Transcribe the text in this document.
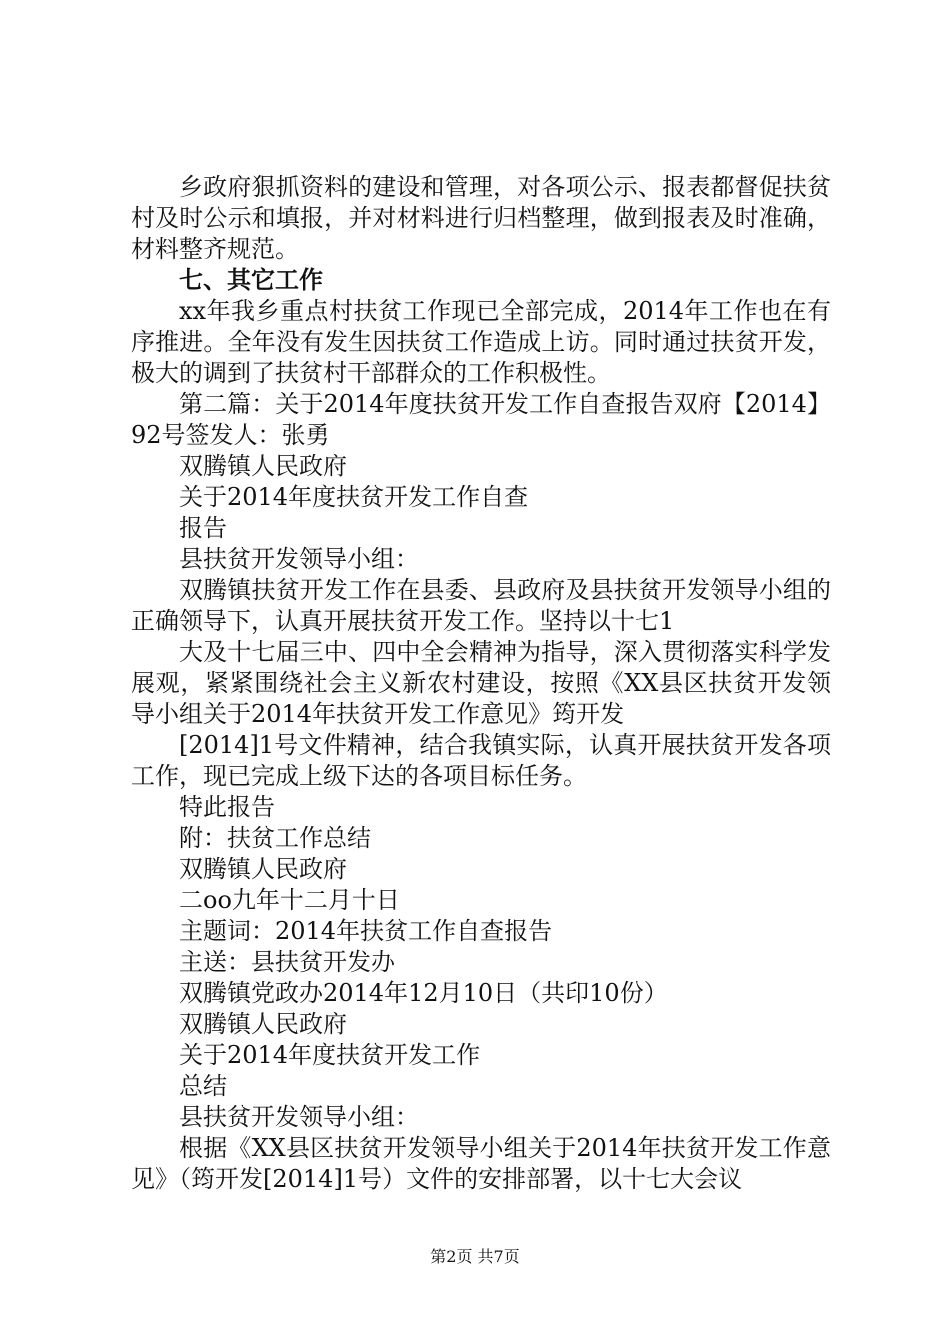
乡政府狠抓资料的建设和管理，对各项公示、报表都督促扶贫村及时公示和填报，并对材料进行归档整理，做到报表及时准确，材料整齐规范。

七、其它工作

xx年我乡重点村扶贫工作现已全部完成，2014年工作也在有序推进。全年没有发生因扶贫工作造成上访。同时通过扶贫开发，极大的调到了扶贫村干部群众的工作积极性。

第二篇：关于2014年度扶贫开发工作自查报告双府【2014】92号签发人：张勇

双腾镇人民政府

关于2014年度扶贫开发工作自查

报告

县扶贫开发领导小组：

双腾镇扶贫开发工作在县委、县政府及县扶贫开发领导小组的正确领导下，认真开展扶贫开发工作。坚持以十七1

大及十七届三中、四中全会精神为指导，深入贯彻落实科学发展观，紧紧围绕社会主义新农村建设，按照《XX县区扶贫开发领导小组关于2014年扶贫开发工作意见》筠开发

[2014]1号文件精神，结合我镇实际，认真开展扶贫开发各项工作，现已完成上级下达的各项目标任务。

特此报告

附：扶贫工作总结

双腾镇人民政府

二oo九年十二月十日

主题词：2014年扶贫工作自查报告

主送：县扶贫开发办

双腾镇党政办2014年12月10日（共印10份）

双腾镇人民政府

关于2014年度扶贫开发工作

总结

县扶贫开发领导小组：

根据《XX县区扶贫开发领导小组关于2014年扶贫开发工作意见》（筠开发[2014]1号）文件的安排部署，以十七大会议

第2页 共7页
